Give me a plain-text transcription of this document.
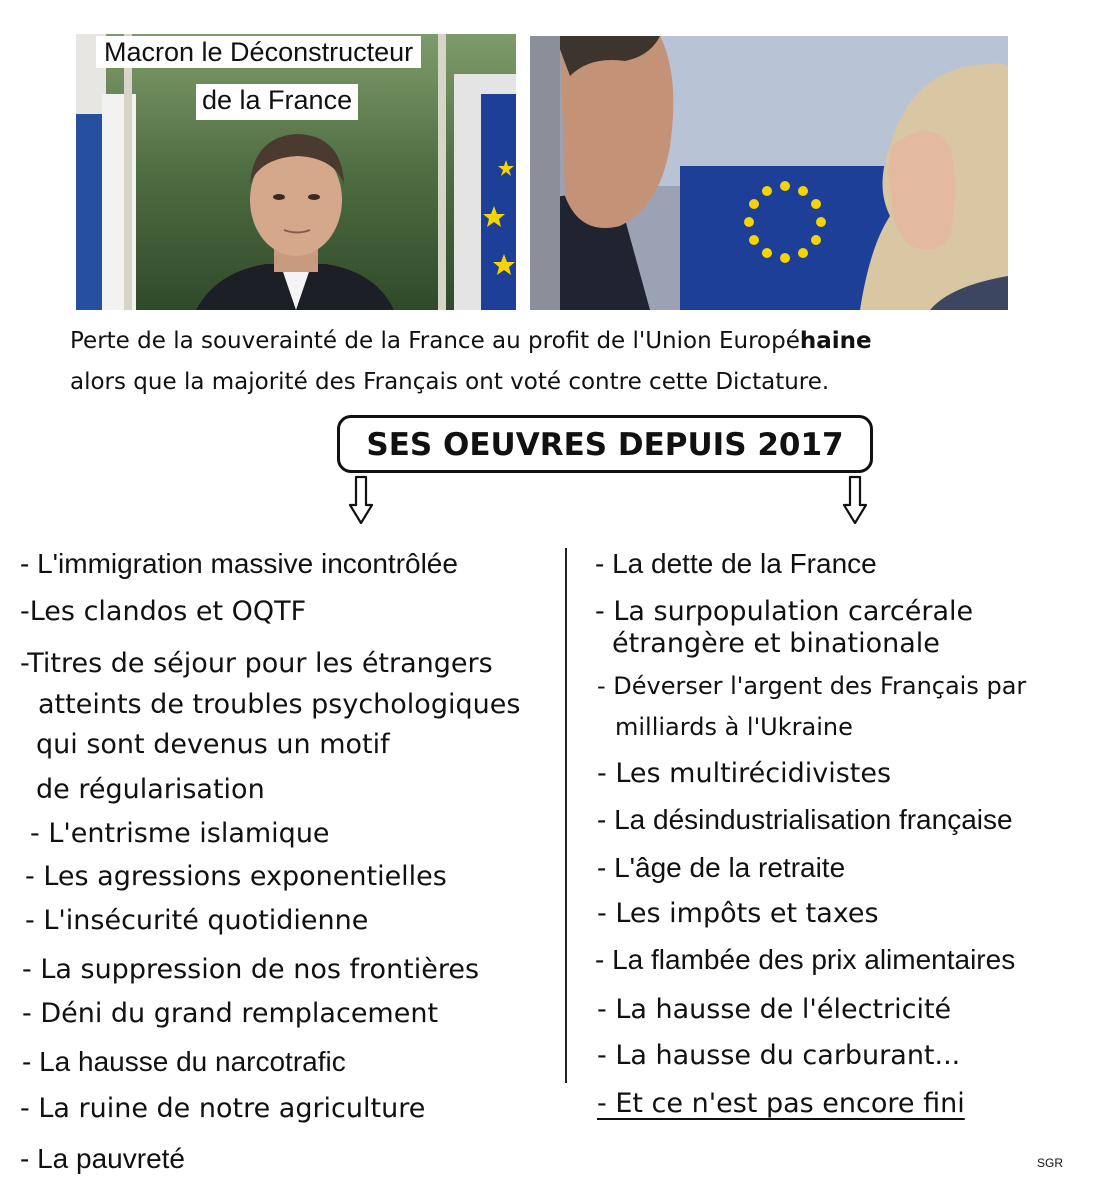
Macron le Déconstructeur
de la France
Perte de la souverainté de la France au profit de l'Union Européhaine
alors que la majorité des Français ont voté contre cette Dictature.
SES OEUVRES DEPUIS 2017
- L'immigration massive incontrôlée
-Les clandos et OQTF
-Titres de séjour pour les étrangers
atteints de troubles psychologiques
qui sont devenus un motif
de régularisation
- L'entrisme islamique
- Les agressions exponentielles
- L'insécurité quotidienne
- La suppression de nos frontières
- Déni du grand remplacement
- La hausse du narcotrafic
- La ruine de notre agriculture
- La pauvreté
- La dette de la France
- La surpopulation carcérale
étrangère et binationale
- Déverser l'argent des Français par
milliards à l'Ukraine
- Les multirécidivistes
- La désindustrialisation française
- L'âge de la retraite
- Les impôts et taxes
- La flambée des prix alimentaires
- La hausse de l'électricité
- La hausse du carburant...
- Et ce n'est pas encore fini
SGR
